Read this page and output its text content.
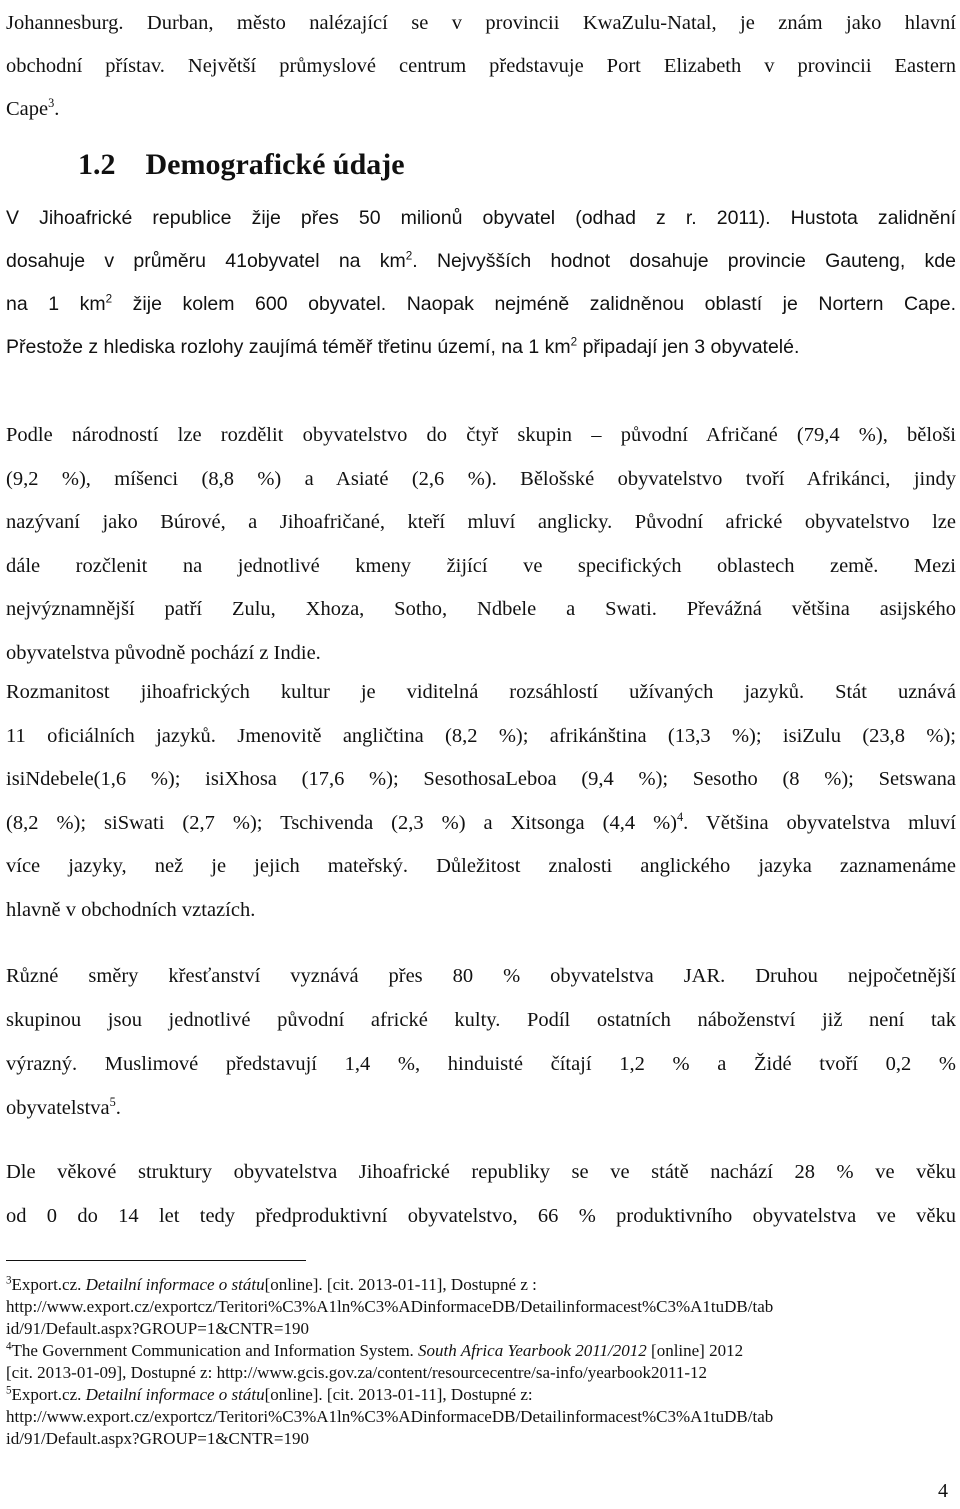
Johannesburg. Durban, město nalézající se v provincii KwaZulu-Natal, je znám jako hlavní
obchodní přístav. Největší průmyslové centrum představuje Port Elizabeth v provincii Eastern
Cape$^3$.

1.2 Demografické údaje

V Jihoafrické republice žije přes 50 milionů obyvatel (odhad z r. 2011). Hustota zalidnění
dosahuje v průměru 41obyvatel na $km^2$. Nejvyšších hodnot dosahuje provincie Gauteng, kde
na 1 $km^2$ žije kolem 600 obyvatel. Naopak nejméně zalidněnou oblastí je Nortern Cape.
Přestože z hlediska rozlohy zaujímá téměř třetinu území, na 1 $km^2$ připadají jen 3 obyvatelé.

Podle národností lze rozdělit obyvatelstvo do čtyř skupin – původní Afričané (79,4 %), běloši
(9,2 %), míšenci (8,8 %) a Asiaté (2,6 %). Bělošské obyvatelstvo tvoří Afrikánci, jindy
nazývaní jako Búrové, a Jihoafričané, kteří mluví anglicky. Původní africké obyvatelstvo lze
dále rozčlenit na jednotlivé kmeny žijící ve specifických oblastech země. Mezi
nejvýznamnější patří Zulu, Xhoza, Sotho, Ndbele a Swati. Převážná většina asijského
obyvatelstva původně pochází z Indie.

Rozmanitost jihoafrických kultur je viditelná rozsáhlostí užívaných jazyků. Stát uznává
11 oficiálních jazyků. Jmenovitě angličtina (8,2 %); afrikánština (13,3 %); isiZulu (23,8 %);
isiNdebele(1,6 %); isiXhosa (17,6 %); SesothosaLeboa (9,4 %); Sesotho (8 %); Setswana
(8,2 %); siSwati (2,7 %); Tschivenda (2,3 %) a Xitsonga (4,4 %)$^4$. Většina obyvatelstva mluví
více jazyky, než je jejich mateřský. Důležitost znalosti anglického jazyka zaznamenáme
hlavně v obchodních vztazích.

Různé směry křesťanství vyznává přes 80 % obyvatelstva JAR. Druhou nejpočetnější
skupinou jsou jednotlivé původní africké kulty. Podíl ostatních náboženství již není tak
výrazný. Muslimové představují 1,4 %, hinduisté čítají 1,2 % a Židé tvoří 0,2 %
obyvatelstva$^5$.

Dle věkové struktury obyvatelstva Jihoafrické republiky se ve státě nachází 28 % ve věku
od 0 do 14 let tedy předproduktivní obyvatelstvo, 66 % produktivního obyvatelstva ve věku

$^3$Export.cz. Detailní informace o státu[online]. [cit. 2013-01-11], Dostupné z :
http://www.export.cz/exportcz/Teritori%C3%A1ln%C3%ADinformaceDB/Detailinformacest%C3%A1tuDB/tab
id/91/Default.aspx?GROUP=1&CNTR=190
$^4$The Government Communication and Information System. South Africa Yearbook 2011/2012 [online] 2012
[cit. 2013-01-09], Dostupné z: http://www.gcis.gov.za/content/resourcecentre/sa-info/yearbook2011-12
$^5$Export.cz. Detailní informace o státu[online]. [cit. 2013-01-11], Dostupné z:
http://www.export.cz/exportcz/Teritori%C3%A1ln%C3%ADinformaceDB/Detailinformacest%C3%A1tuDB/tab
id/91/Default.aspx?GROUP=1&CNTR=190
4
